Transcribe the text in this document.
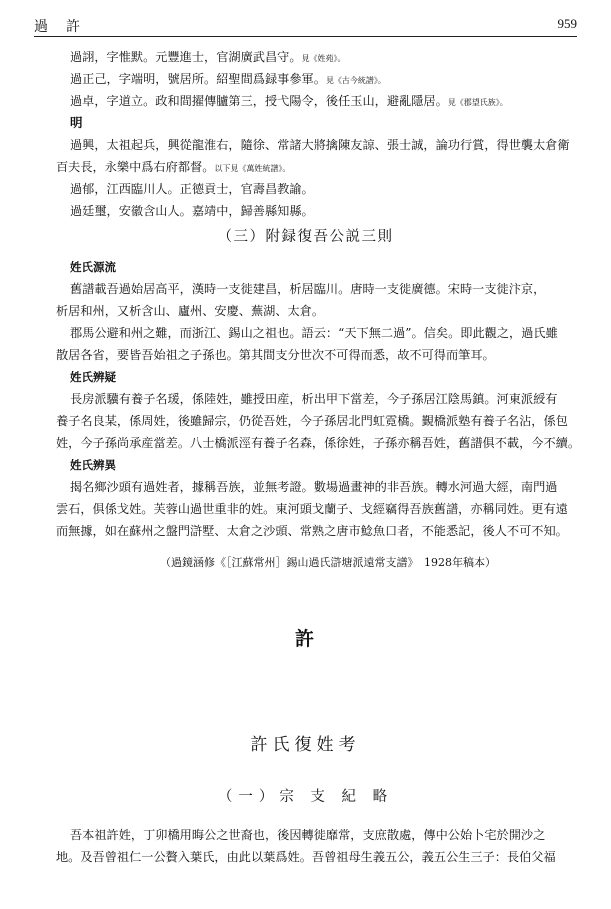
過　許	959
過詡，字惟默。元豐進士，官湖廣武昌守。見《姓苑》。
過正己，字端明，號居所。紹聖間爲録事參軍。見《古今統譜》。
過卓，字道立。政和間擢傳臚第三，授弋陽令，後任玉山，避亂隱居。見《郡望氏族》。
明
過興，太祖起兵，興從龍淮右，隨徐、常諸大將擒陳友諒、張士誠，論功行賞，得世襲太倉衛
百夫長，永樂中爲右府都督。以下見《萬姓統譜》。
過郁，江西臨川人。正德貢士，官壽昌教諭。
過廷璽，安徽含山人。嘉靖中，歸善縣知縣。
（三）附録復吾公説三則
姓氏源流
舊譜載吾過始居高平，漢時一支徙建昌，析居臨川。唐時一支徙廣德。宋時一支徙汴京，
析居和州，又析含山、廬州、安慶、蕪湖、太倉。
郡馬公避和州之難，而浙江、錫山之祖也。語云：“天下無二過”。信矣。即此觀之，過氏雖
散居各省，要皆吾始祖之子孫也。第其間支分世次不可得而悉，故不可得而筆耳。
姓氏辨疑
長房派驥有養子名瑗，係陸姓，雖授田産，析出甲下當差，今子孫居江陰馬鎮。河東派綬有
養子名良某，係周姓，後雖歸宗，仍從吾姓，今子孫居北門虹霓橋。覲橋派塾有養子名沾，係包
姓，今子孫尚承産當差。八士橋派涇有養子名森，係徐姓，子孫亦稱吾姓，舊譜俱不載，今不續。
姓氏辨異
揭名鄉沙頭有過姓者，據稱吾族，並無考證。數場過畫神的非吾族。轉水河過大經，南門過
雲石，俱係戈姓。芙蓉山過世重非的姓。東河頭戈蘭子、戈經竊得吾族舊譜，亦稱同姓。更有遠
而無據，如在蘇州之盤門滸墅、太倉之沙頭、常熟之唐市鯰魚口者，不能悉記，後人不可不知。
（過鏡涵修《［江蘇常州］錫山過氏滸塘派遠常支譜》　1928年稿本）
許
許氏復姓考
（一）宗 支 紀 略
吾本祖許姓，丁卯橋用晦公之世裔也，後因轉徙靡常，支庶散處，傳中公始卜宅於開沙之
地。及吾曾祖仁一公贅入葉氏，由此以葉爲姓。吾曾祖母生義五公，義五公生三子：長伯父福
